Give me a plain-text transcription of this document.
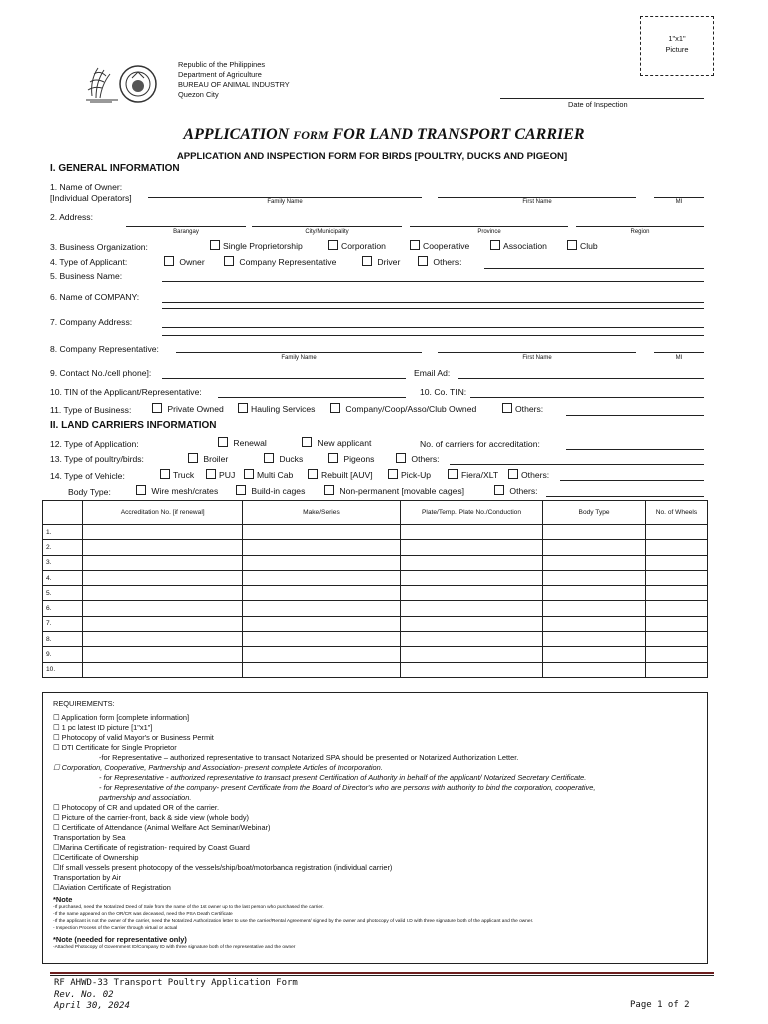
Republic of the Philippines
Department of Agriculture
BUREAU OF ANIMAL INDUSTRY
Quezon City
1"x1"
Picture
Date of Inspection
APPLICATION FORM FOR LAND TRANSPORT CARRIER
APPLICATION AND INSPECTION FORM FOR BIRDS [POULTRY, DUCKS AND PIGEON]
I. GENERAL INFORMATION
1. Name of Owner:
[Individual Operators]	Family Name	First Name	MI
2. Address:
Barangay	City/Municipality	Province	Region
3. Business Organization:	Single Proprietorship	Corporation	Cooperative	Association	Club
4. Type of Applicant:	Owner	Company Representative	Driver	Others:
5. Business Name:
6. Name of COMPANY:
7. Company Address:
8. Company Representative:
Family Name	First Name	MI
9. Contact No./cell phone]:	Email Ad:
10. TIN of the Applicant/Representative:	10. Co. TIN:
11. Type of Business:	Private Owned	Hauling Services	Company/Coop/Asso/Club Owned	Others:
II. LAND CARRIERS INFORMATION
12. Type of Application:	Renewal	New applicant	No. of carriers for accreditation:
13. Type of poultry/birds:	Broiler	Ducks	Pigeons	Others:
14. Type of Vehicle:	Truck	PUJ	Multi Cab	Rebuilt [AUV]	Pick-Up	Fiera/XLT	Others:
Body Type:	Wire mesh/crates	Build-in cages	Non-permanent [movable cages]	Others:
	Accreditation No. [if renewal]	Make/Series	Plate/Temp. Plate No./Conduction	Body Type	No. of Wheels
1.					
2.					
3.					
4.					
5.					
6.					
7.					
8.					
9.					
10.					
REQUIREMENTS:
☐ Application form [complete information]
☐ 1 pc latest ID picture [1"x1"]
☐ Photocopy of valid Mayor's or Business Permit
☐ DTI Certificate for Single Proprietor
-for Representative – authorized representative to transact Notarized SPA should be presented or Notarized Authorization Letter.
☐ Corporation, Cooperative, Partnership and Association- present complete Articles of Incorporation.
- for Representative - authorized representative to transact present Certification of Authority in behalf of the applicant/ Notarized Secretary Certificate.
- for Representative of the company- present Certificate from the Board of Director's who are persons with authority to bind the corporation, cooperative,
partnership and association.
☐ Photocopy of CR and updated OR of the carrier.
☐ Picture of the carrier-front, back & side view (whole body)
☐ Certificate of Attendance (Animal Welfare Act Seminar/Webinar)
Transportation by Sea
☐Marina Certificate of registration- required by Coast Guard
☐Certificate of Ownership
☐If small vessels present photocopy of the vessels/ship/boat/motorbanca registration (individual carrier)
Transportation by Air
☐Aviation Certificate of Registration
*Note
-If purchased, need the Notarized Deed of Sale from the name of the 1st owner up to the last person who purchased the carrier.
-If the name appeared on the OR/CR was deceased, need the PSA Death Certificate
-If the applicant is not the owner of the carrier, need the Notarized Authorization letter to use the carrier/Rental Agreement/ signed by the owner and photocopy of valid I.D with three signature both of the applicant and the owner.
- Inspection Process of the Carrier through virtual or actual
*Note (needed for representative only)
-Attached Photocopy of Government ID/Company ID with three signature both of the representative and the owner
RF AHWD-33 Transport Poultry Application Form
Rev. No. 02
April 30, 2024	Page 1 of 2
